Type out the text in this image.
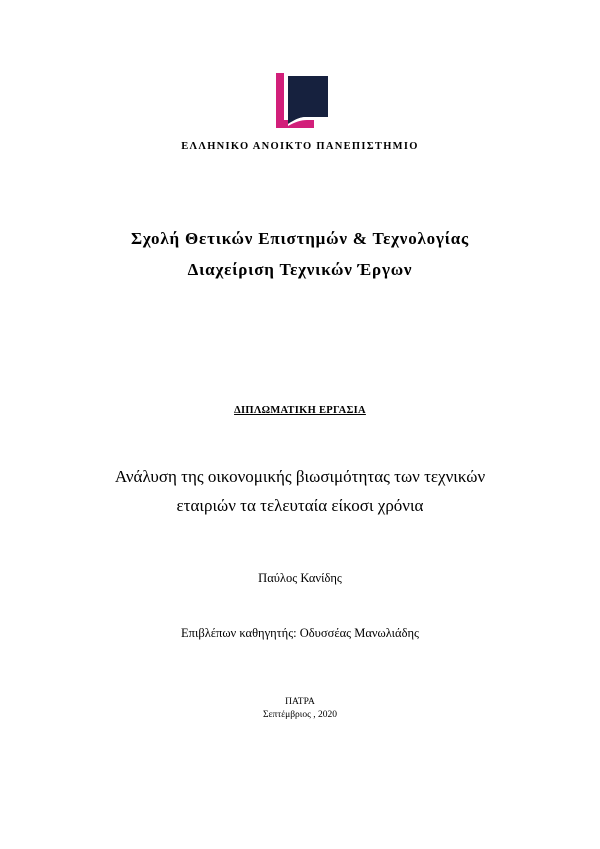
ΕΛΛΗΝΙΚΟ ΑΝΟΙΚΤΟ ΠΑΝΕΠΙΣΤΗΜΙΟ
Σχολή Θετικών Επιστημών & Τεχνολογίας
Διαχείριση Τεχνικών Έργων
ΔΙΠΛΩΜΑΤΙΚΗ ΕΡΓΑΣΙΑ
Ανάλυση της οικονομικής βιωσιμότητας των τεχνικών
εταιριών τα τελευταία είκοσι χρόνια
Παύλος Κανίδης
Επιβλέπων καθηγητής: Οδυσσέας Μανωλιάδης
ΠΑΤΡΑ
Σεπτέμβριος , 2020
